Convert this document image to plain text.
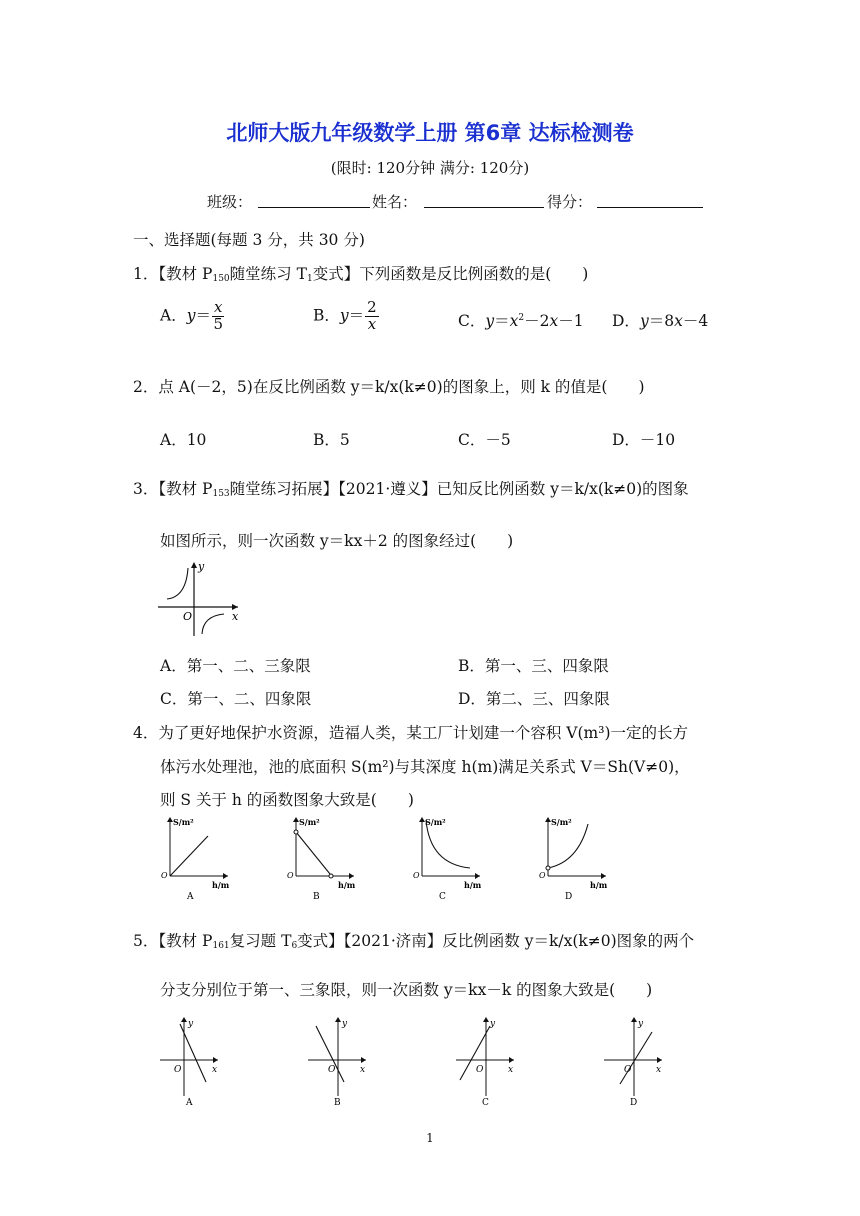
北师大版九年级数学上册 第6章 达标检测卷
(限时: 120分钟 满分: 120分)
班级：	姓名：	得分：
一、选择题(每题 3 分，共 30 分)
1．【教材 $P_{150}$随堂练习 $T_1$变式】下列函数是反比例函数的是(　　)
A．$y= \frac{x}{5}$	B．$y= \frac{2}{x}$	C．$y=x^2-2x-1$ D．y＝8x－4
2．点 A(－2，5)在反比例函数 y＝k/x(k≠0)的图象上，则 k 的值是(　　)
A．10	B．5	C．－5	D．－10
3．【教材 $P_{153}$随堂练习拓展】【2021·遵义】已知反比例函数 y＝k/x(k≠0)的图象
如图所示，则一次函数 y＝kx＋2 的图象经过(　　)
y
x
O
A．第一、二、三象限	B．第一、三、四象限
C．第一、二、四象限	D．第二、三、四象限
4．为了更好地保护水资源，造福人类，某工厂计划建一个容积 V(m³)一定的长方
体污水处理池，池的底面积 S(m²)与其深度 h(m)满足关系式 V＝Sh(V≠0)，
则 S 关于 h 的函数图象大致是(　　)
S/m²
h/m
O
A
S/m²
h/m
O
B
S/m²
h/m
O
C
S/m²
h/m
O
D
5．【教材 $P_{161}$复习题 $T_6$变式】【2021·济南】反比例函数 y＝k/x(k≠0)图象的两个
分支分别位于第一、三象限，则一次函数 y＝kx－k 的图象大致是(　　)
y
x
O
A
y
x
O
B
y
x
O
C
y
x
O
D
1
